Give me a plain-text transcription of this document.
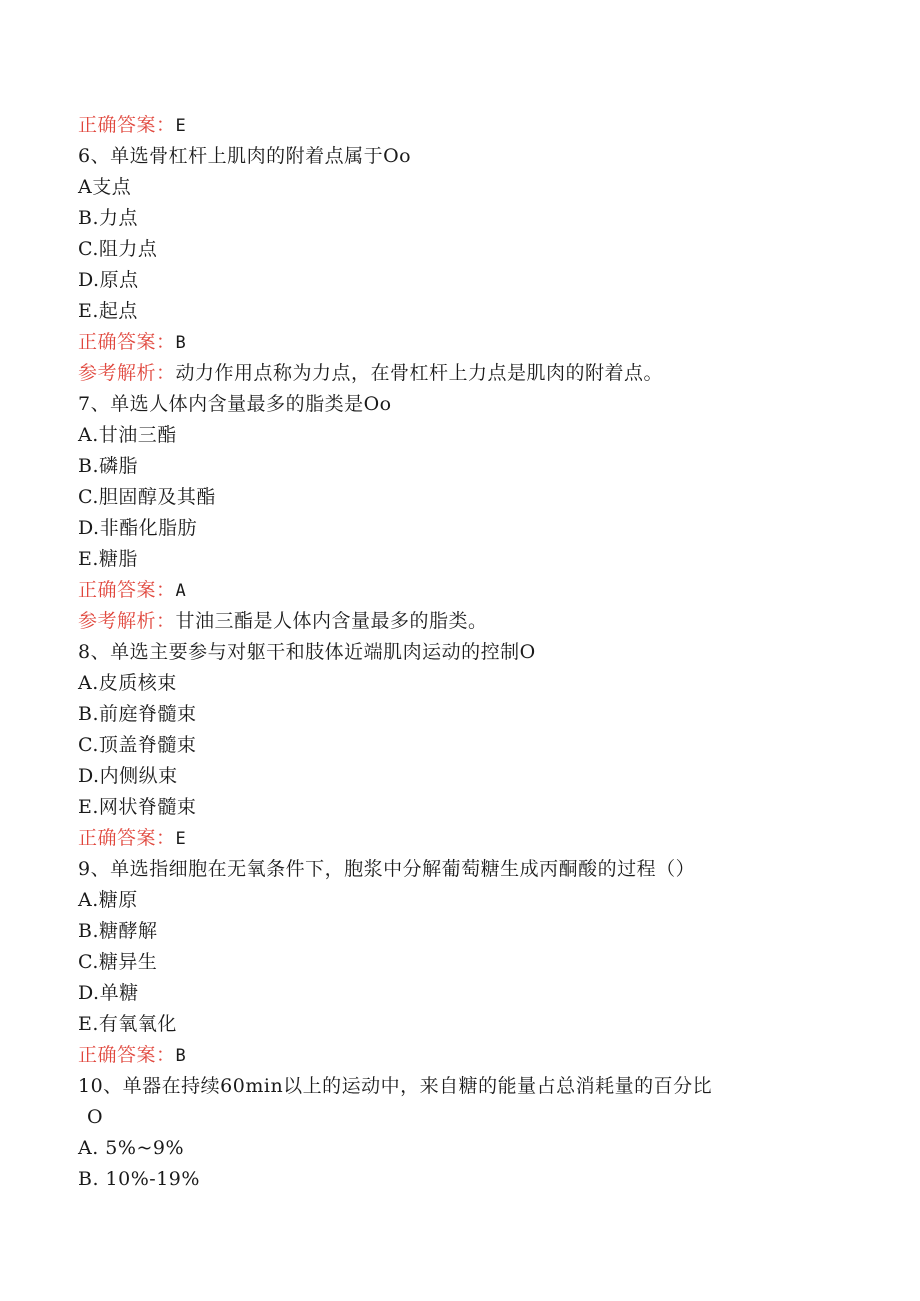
正确答案：E
6、单选骨杠杆上肌肉的附着点属于Oo
A支点
B.力点
C.阻力点
D.原点
E.起点
正确答案：B
参考解析：动力作用点称为力点，在骨杠杆上力点是肌肉的附着点。
7、单选人体内含量最多的脂类是Oo
A.甘油三酯
B.磷脂
C.胆固醇及其酯
D.非酯化脂肪
E.糖脂
正确答案：A
参考解析：甘油三酯是人体内含量最多的脂类。
8、单选主要参与对躯干和肢体近端肌肉运动的控制O
A.皮质核束
B.前庭脊髓束
C.顶盖脊髓束
D.内侧纵束
E.网状脊髓束
正确答案：E
9、单选指细胞在无氧条件下，胞浆中分解葡萄糖生成丙酮酸的过程（）
A.糖原
B.糖酵解
C.糖异生
D.单糖
E.有氧氧化
正确答案：B
10、单器在持续60min以上的运动中，来自糖的能量占总消耗量的百分比
O
A. 5%~9%
B. 10%-19%
